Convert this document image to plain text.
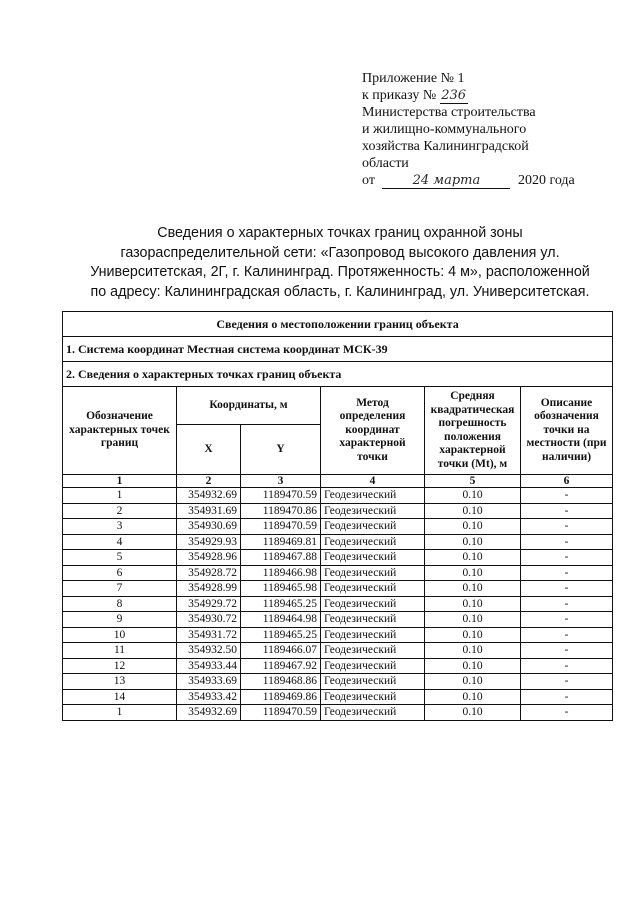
Приложение № 1
к приказу № 236
Министерства строительства
и жилищно-коммунального
хозяйства Калининградской
области
от	24 марта	2020 года
Сведения о характерных точках границ охранной зоны
газораспределительной сети: «Газопровод высокого давления ул.
Университетская, 2Г, г. Калининград. Протяженность: 4 м», расположенной
по адресу: Калининградская область, г. Калининград, ул. Университетская.
Сведения о местоположении границ объекта					
1. Система координат Местная система координат МСК-39					
2. Сведения о характерных точках границ объекта					
Обозначение характерных точек границ	Координаты, м		Метод определения координат характерной точки	Средняя квадратическая погрешность положения характерной точки (Mt), м	Описание обозначения точки на местности (при наличии)
	X	Y			
1	2	3	4	5	6
1	354932.69	1189470.59	Геодезический	0.10	-
2	354931.69	1189470.86	Геодезический	0.10	-
3	354930.69	1189470.59	Геодезический	0.10	-
4	354929.93	1189469.81	Геодезический	0.10	-
5	354928.96	1189467.88	Геодезический	0.10	-
6	354928.72	1189466.98	Геодезический	0.10	-
7	354928.99	1189465.98	Геодезический	0.10	-
8	354929.72	1189465.25	Геодезический	0.10	-
9	354930.72	1189464.98	Геодезический	0.10	-
10	354931.72	1189465.25	Геодезический	0.10	-
11	354932.50	1189466.07	Геодезический	0.10	-
12	354933.44	1189467.92	Геодезический	0.10	-
13	354933.69	1189468.86	Геодезический	0.10	-
14	354933.42	1189469.86	Геодезический	0.10	-
1	354932.69	1189470.59	Геодезический	0.10	-
